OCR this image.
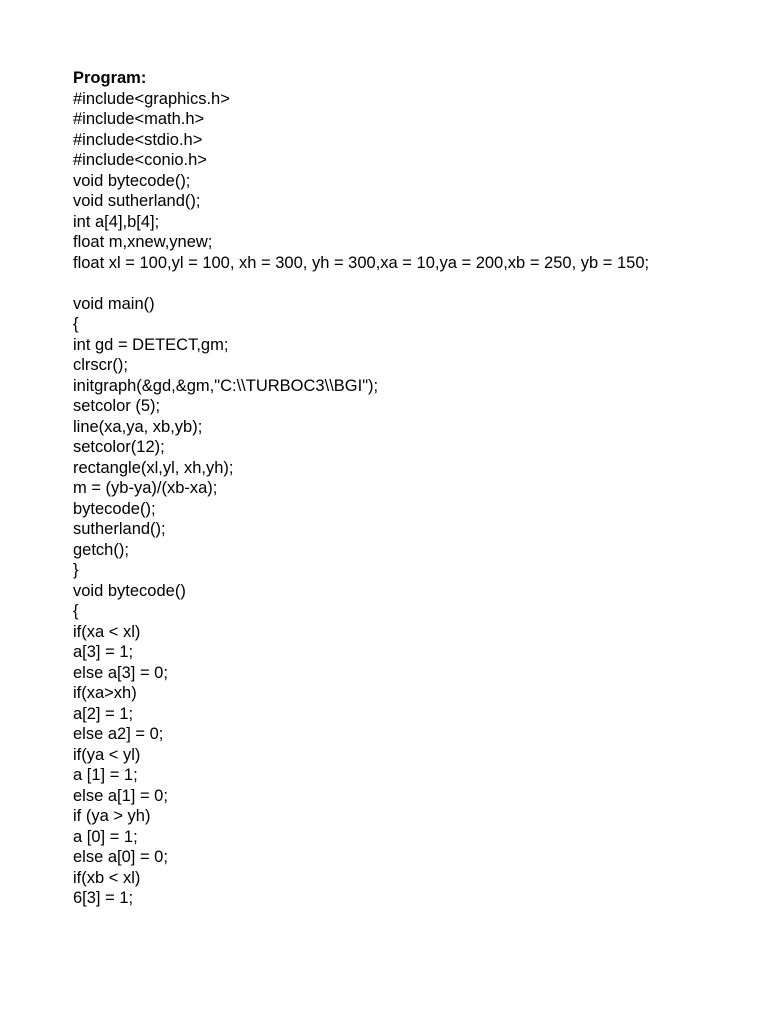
Program:
#include<graphics.h>
#include<math.h>
#include<stdio.h>
#include<conio.h>
void bytecode();
void sutherland();
int a[4],b[4];
float m,xnew,ynew;
float xl = 100,yl = 100, xh = 300, yh = 300,xa = 10,ya = 200,xb = 250, yb = 150;
void main()
{
int gd = DETECT,gm;
clrscr();
initgraph(&gd,&gm,"C:\\TURBOC3\\BGI");
setcolor (5);
line(xa,ya, xb,yb);
setcolor(12);
rectangle(xl,yl, xh,yh);
m = (yb-ya)/(xb-xa);
bytecode();
sutherland();
getch();
}
void bytecode()
{
if(xa < xl)
a[3] = 1;
else a[3] = 0;
if(xa>xh)
a[2] = 1;
else a2] = 0;
if(ya < yl)
a [1] = 1;
else a[1] = 0;
if (ya > yh)
a [0] = 1;
else a[0] = 0;
if(xb < xl)
6[3] = 1;
